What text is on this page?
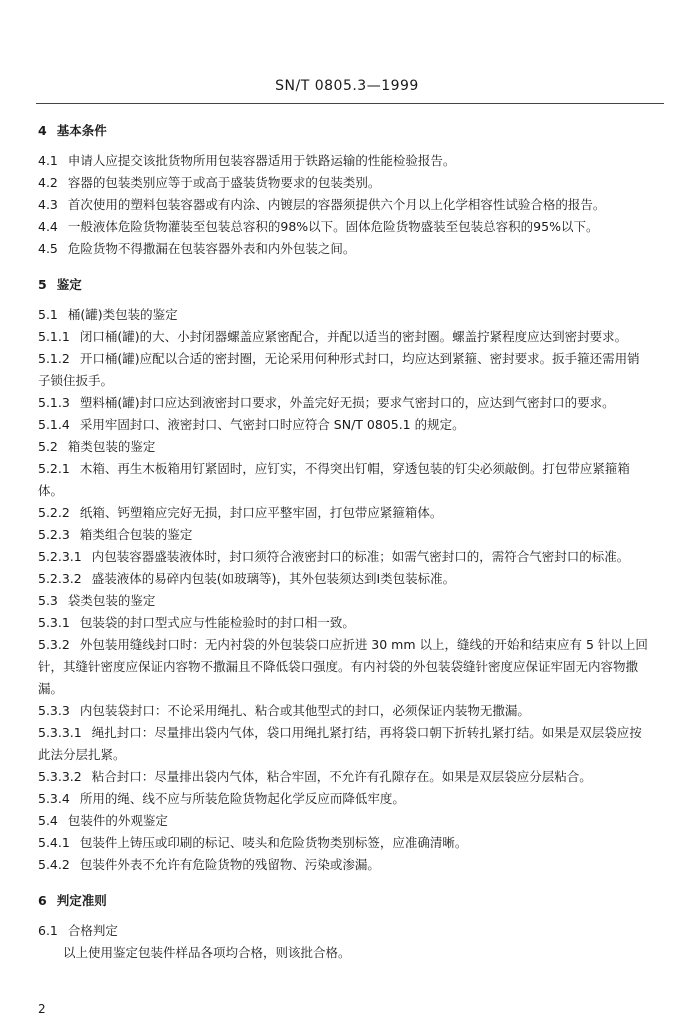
SN/T 0805.3—1999
4 基本条件
4.1 申请人应提交该批货物所用包装容器适用于铁路运输的性能检验报告。
4.2 容器的包装类别应等于或高于盛装货物要求的包装类别。
4.3 首次使用的塑料包装容器或有内涂、内镀层的容器须提供六个月以上化学相容性试验合格的报告。
4.4 一般液体危险货物灌装至包装总容积的98%以下。固体危险货物盛装至包装总容积的95%以下。
4.5 危险货物不得撒漏在包装容器外表和内外包装之间。
5 鉴定
5.1 桶(罐)类包装的鉴定
5.1.1 闭口桶(罐)的大、小封闭器螺盖应紧密配合，并配以适当的密封圈。螺盖拧紧程度应达到密封要求。
5.1.2 开口桶(罐)应配以合适的密封圈，无论采用何种形式封口，均应达到紧箍、密封要求。扳手箍还需用销子锁住扳手。
5.1.3 塑料桶(罐)封口应达到液密封口要求，外盖完好无损；要求气密封口的，应达到气密封口的要求。
5.1.4 采用牢固封口、液密封口、气密封口时应符合 SN/T 0805.1 的规定。
5.2 箱类包装的鉴定
5.2.1 木箱、再生木板箱用钉紧固时，应钉实，不得突出钉帽，穿透包装的钉尖必须敲倒。打包带应紧箍箱体。
5.2.2 纸箱、钙塑箱应完好无损，封口应平整牢固，打包带应紧箍箱体。
5.2.3 箱类组合包装的鉴定
5.2.3.1 内包装容器盛装液体时，封口须符合液密封口的标准；如需气密封口的，需符合气密封口的标准。
5.2.3.2 盛装液体的易碎内包装(如玻璃等)，其外包装须达到Ⅰ类包装标准。
5.3 袋类包装的鉴定
5.3.1 包装袋的封口型式应与性能检验时的封口相一致。
5.3.2 外包装用缝线封口时：无内衬袋的外包装袋口应折进 30 mm 以上，缝线的开始和结束应有 5 针以上回针，其缝针密度应保证内容物不撒漏且不降低袋口强度。有内衬袋的外包装袋缝针密度应保证牢固无内容物撒漏。
5.3.3 内包装袋封口：不论采用绳扎、粘合或其他型式的封口，必须保证内装物无撒漏。
5.3.3.1 绳扎封口：尽量排出袋内气体，袋口用绳扎紧打结，再将袋口朝下折转扎紧打结。如果是双层袋应按此法分层扎紧。
5.3.3.2 粘合封口：尽量排出袋内气体，粘合牢固，不允许有孔隙存在。如果是双层袋应分层粘合。
5.3.4 所用的绳、线不应与所装危险货物起化学反应而降低牢度。
5.4 包装件的外观鉴定
5.4.1 包装件上铸压或印刷的标记、唛头和危险货物类别标签，应准确清晰。
5.4.2 包装件外表不允许有危险货物的残留物、污染或渗漏。
6 判定准则
6.1 合格判定
以上使用鉴定包装件样品各项均合格，则该批合格。
2
